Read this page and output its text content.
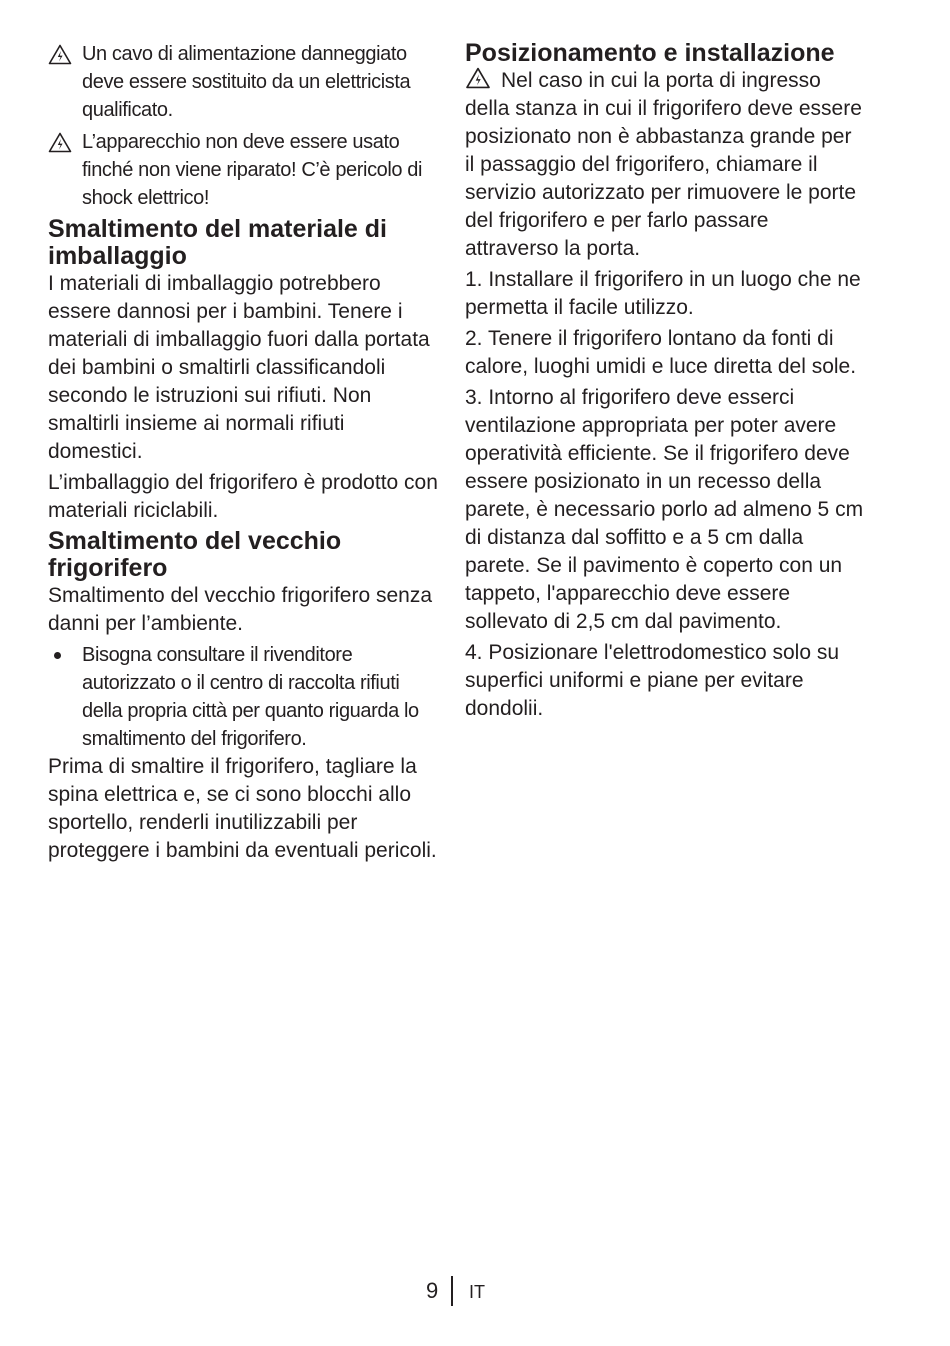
Un cavo di alimentazione danneggiato deve essere sostituito da un elettricista qualificato.
L’apparecchio non deve essere usato finché non viene riparato! C’è pericolo di shock elettrico!
Smaltimento del materiale di imballaggio

I materiali di imballaggio potrebbero essere dannosi per i bambini. Tenere i materiali di imballaggio fuori dalla portata dei bambini o smaltirli classificandoli secondo le istruzioni sui rifiuti. Non smaltirli insieme ai normali rifiuti domestici.

L’imballaggio del frigorifero è prodotto con materiali riciclabili.

Smaltimento del vecchio frigorifero

Smaltimento del vecchio frigorifero senza danni per l’ambiente.

Bisogna consultare il rivenditore autorizzato o il centro di raccolta rifiuti della propria città per quanto riguarda lo smaltimento del frigorifero.

Prima di smaltire il frigorifero, tagliare la spina elettrica e, se ci sono blocchi allo sportello, renderli inutilizzabili per proteggere i bambini da eventuali pericoli.

Posizionamento e installazione

Nel caso in cui la porta di ingresso della stanza in cui il frigorifero deve essere posizionato non è abbastanza grande per il passaggio del frigorifero, chiamare il servizio autorizzato per rimuovere le porte del frigorifero e per farlo passare attraverso la porta.

1. Installare il frigorifero in un luogo che ne permetta il facile utilizzo.

2. Tenere il frigorifero lontano da fonti di calore, luoghi umidi e luce diretta del sole.

3. Intorno al frigorifero deve esserci ventilazione appropriata per poter avere operatività efficiente. Se il frigorifero deve essere posizionato in un recesso della parete, è necessario porlo ad almeno 5 cm di distanza dal soffitto e a 5 cm dalla parete. Se il pavimento è coperto con un tappeto, l'apparecchio deve essere sollevato di 2,5 cm dal pavimento.

4. Posizionare l'elettrodomestico solo su superfici uniformi e piane per evitare dondolii.

9 IT
